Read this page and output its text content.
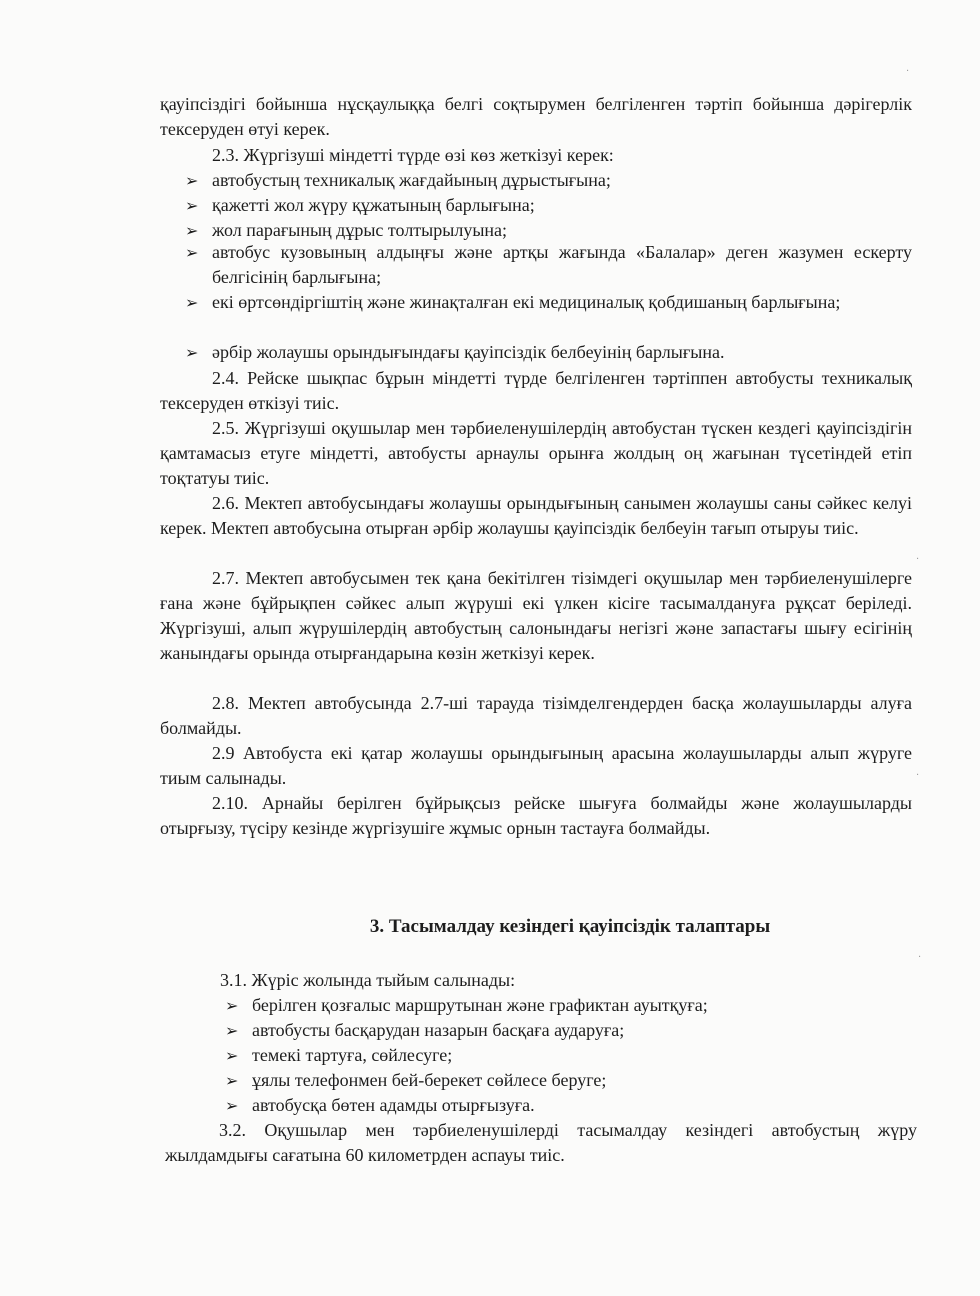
қауіпсіздігі бойынша нұсқаулыққа белгі соқтырумен белгіленген тәртіп бойынша дәрігерлік тексеруден өтуі керек.
2.3. Жүргізуші міндетті түрде өзі көз жеткізуі керек:
➢ автобустың техникалық жағдайының дұрыстығына;
➢ қажетті жол жүру құжатының барлығына;
➢ жол парағының дұрыс толтырылуына;
➢ автобус кузовының алдыңғы және артқы жағында «Балалар» деген жазумен ескерту белгісінің барлығына;
➢ екі өртсөндіргіштің және жинақталған екі медициналық қобдишаның барлығына;
➢ әрбір жолаушы орындығындағы қауіпсіздік белбеуінің барлығына.
2.4. Рейске шықпас бұрын міндетті түрде белгіленген тәртіппен автобусты техникалық тексеруден өткізуі тиіс.
2.5. Жүргізуші оқушылар мен тәрбиеленушілердің автобустан түскен кездегі қауіпсіздігін қамтамасыз етуге міндетті, автобусты арнаулы орынға жолдың оң жағынан түсетіндей етіп тоқтатуы тиіс.
2.6. Мектеп автобусындағы жолаушы орындығының санымен жолаушы саны сәйкес келуі керек. Мектеп автобусына отырған әрбір жолаушы қауіпсіздік белбеуін тағып отыруы тиіс.
2.7. Мектеп автобусымен тек қана бекітілген тізімдегі оқушылар мен тәрбиеленушілерге ғана және бұйрықпен сәйкес алып жүруші екі үлкен кісіге тасымалдануға рұқсат беріледі. Жүргізуші, алып жүрушілердің автобустың салонындағы негізгі және запастағы шығу есігінің жанындағы орында отырғандарына көзін жеткізуі керек.
2.8. Мектеп автобусында 2.7-ші тарауда тізімделгендерден басқа жолаушыларды алуға болмайды.
2.9 Автобуста екі қатар жолаушы орындығының арасына жолаушыларды алып жүруге тиым салынады.
2.10. Арнайы берілген бұйрықсыз рейске шығуға болмайды және жолаушыларды отырғызу, түсіру кезінде жүргізушіге жұмыс орнын тастауға болмайды.
3. Тасымалдау кезіндегі қауіпсіздік талаптары
3.1. Жүріс жолында тыйым салынады:
➢ берілген қозғалыс маршрутынан және графиктан ауытқуға;
➢ автобусты басқарудан назарын басқаға аударуға;
➢ темекі тартуға, сөйлесуге;
➢ ұялы телефонмен бей-берекет сөйлесе беруге;
➢ автобусқа бөтен адамды отырғызуға.
3.2. Оқушылар мен тәрбиеленушілерді тасымалдау кезіндегі автобустың жүру жылдамдығы сағатына 60 километрден аспауы тиіс.
·
·
·
·
